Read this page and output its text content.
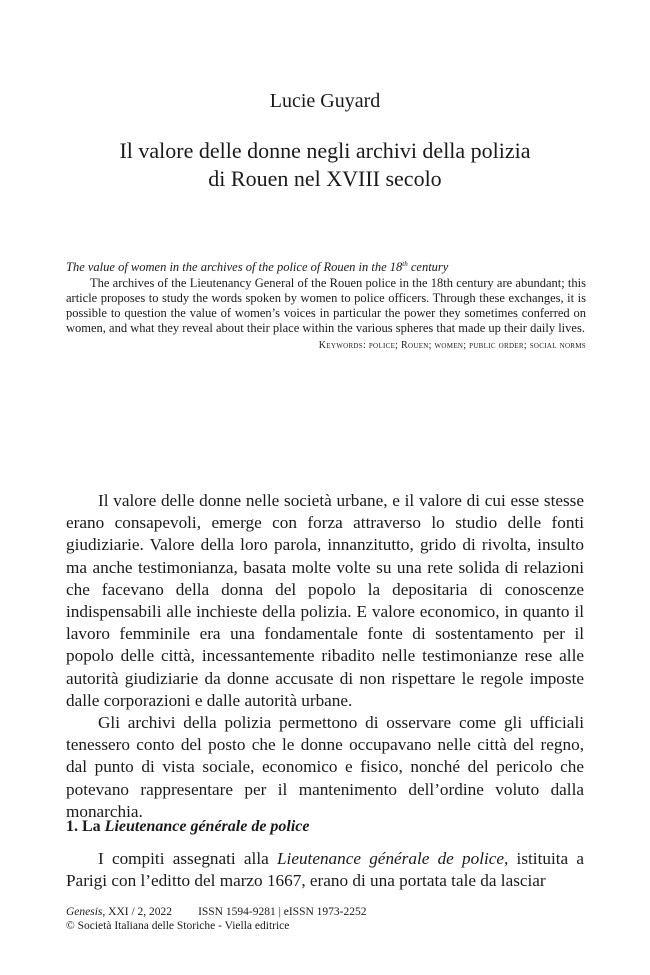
Lucie Guyard
Il valore delle donne negli archivi della polizia
di Rouen nel XVIII secolo
The value of women in the archives of the police of Rouen in the 18th century

The archives of the Lieutenancy General of the Rouen police in the 18th century are abundant; this article proposes to study the words spoken by women to police officers. Through these exchanges, it is possible to question the value of women’s voices in particular the power they sometimes conferred on women, and what they reveal about their place within the various spheres that made up their daily lives.

Keywords: police; Rouen; women; public order; social norms

Il valore delle donne nelle società urbane, e il valore di cui esse stesse erano consapevoli, emerge con forza attraverso lo studio delle fonti giudiziarie. Valore della loro parola, innanzitutto, grido di rivolta, insulto ma anche testimonianza, basata molte volte su una rete solida di relazioni che facevano della donna del popolo la depositaria di conoscenze indispensabili alle inchieste della polizia. E valore economico, in quanto il lavoro femminile era una fondamentale fonte di sostentamento per il popolo delle città, incessantemente ribadito nelle testimonianze rese alle autorità giudiziarie da donne accusate di non rispettare le regole imposte dalle corporazioni e dalle autorità urbane.

Gli archivi della polizia permettono di osservare come gli ufficiali tenessero conto del posto che le donne occupavano nelle città del regno, dal punto di vista sociale, economico e fisico, nonché del pericolo che potevano rappresentare per il mantenimento dell’ordine voluto dalla monarchia.

1. La Lieutenance générale de police

I compiti assegnati alla Lieutenance générale de police, istituita a Parigi con l’editto del marzo 1667, erano di una portata tale da lasciar

Genesis, XXI / 2, 2022 ISSN 1594-9281 | eISSN 1973-2252
© Società Italiana delle Storiche - Viella editrice
